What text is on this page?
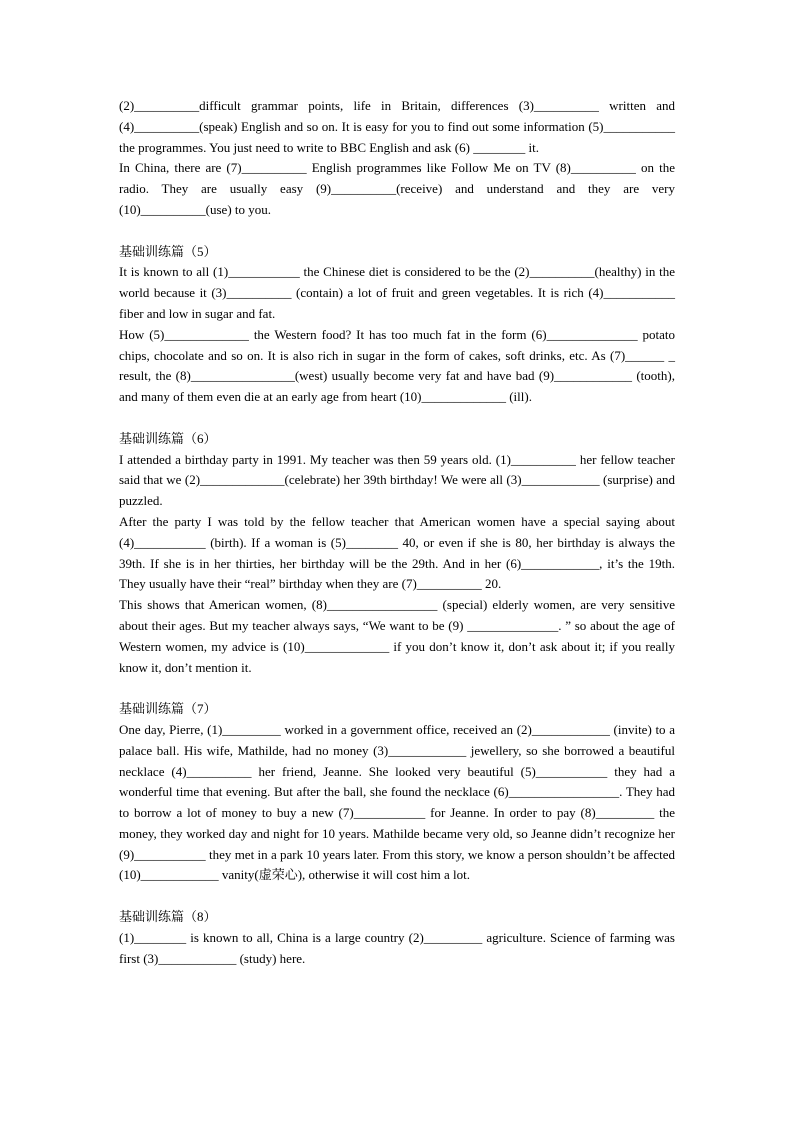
(2)__________difficult grammar points, life in Britain, differences (3)__________ written and (4)__________(speak) English and so on. It is easy for you to find out some information (5)___________ the programmes. You just need to write to BBC English and ask (6) ________ it.

In China, there are (7)__________ English programmes like Follow Me on TV (8)__________ on the radio. They are usually easy (9)__________(receive) and understand and they are very (10)__________(use) to you.

基础训练篇（5）

It is known to all (1)___________ the Chinese diet is considered to be the (2)__________(healthy) in the world because it (3)__________ (contain) a lot of fruit and green vegetables. It is rich (4)___________ fiber and low in sugar and fat.

How (5)_____________ the Western food? It has too much fat in the form (6)______________ potato chips, chocolate and so on. It is also rich in sugar in the form of cakes, soft drinks, etc. As (7)______ _ result, the (8)________________(west) usually become very fat and have bad (9)____________ (tooth), and many of them even die at an early age from heart (10)_____________ (ill).

基础训练篇（6）

I attended a birthday party in 1991. My teacher was then 59 years old. (1)__________ her fellow teacher said that we (2)_____________(celebrate) her 39th birthday! We were all (3)____________ (surprise) and puzzled.

After the party I was told by the fellow teacher that American women have a special saying about (4)___________ (birth). If a woman is (5)________ 40, or even if she is 80, her birthday is always the 39th. If she is in her thirties, her birthday will be the 29th. And in her (6)____________, it’s the 19th. They usually have their “real” birthday when they are (7)__________ 20.

This shows that American women, (8)_________________ (special) elderly women, are very sensitive about their ages. But my teacher always says, “We want to be (9) ______________. ” so about the age of Western women, my advice is (10)_____________ if you don’t know it, don’t ask about it; if you really know it, don’t mention it.

基础训练篇（7）

One day, Pierre, (1)_________ worked in a government office, received an (2)____________ (invite) to a palace ball. His wife, Mathilde, had no money (3)____________ jewellery, so she borrowed a beautiful necklace (4)__________ her friend, Jeanne. She looked very beautiful (5)___________ they had a wonderful time that evening. But after the ball, she found the necklace (6)_________________. They had to borrow a lot of money to buy a new (7)___________ for Jeanne. In order to pay (8)_________ the money, they worked day and night for 10 years. Mathilde became very old, so Jeanne didn’t recognize her (9)___________ they met in a park 10 years later. From this story, we know a person shouldn’t be affected (10)____________ vanity(虚荣心), otherwise it will cost him a lot.

基础训练篇（8）

(1)________ is known to all, China is a large country (2)_________ agriculture. Science of farming was first (3)____________ (study) here.
